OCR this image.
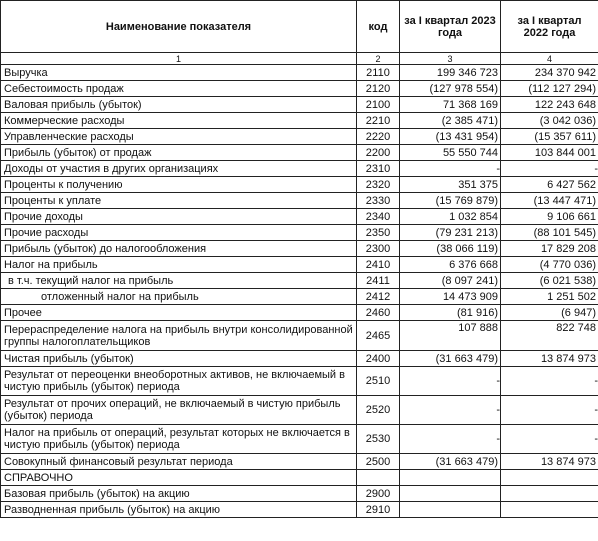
Наименование показателя	код	за I квартал 2023 года	за I квартал 2022 года
1	2	3	4
Выручка	2110	199 346 723	234 370 942
Себестоимость продаж	2120	(127 978 554)	(112 127 294)
Валовая прибыль (убыток)	2100	71 368 169	122 243 648
Коммерческие расходы	2210	(2 385 471)	(3 042 036)
Управленческие расходы	2220	(13 431 954)	(15 357 611)
Прибыль (убыток) от продаж	2200	55 550 744	103 844 001
Доходы от участия в других организациях	2310	-	-
Проценты к получению	2320	351 375	6 427 562
Проценты к уплате	2330	(15 769 879)	(13 447 471)
Прочие доходы	2340	1 032 854	9 106 661
Прочие расходы	2350	(79 231 213)	(88 101 545)
Прибыль (убыток) до налогообложения	2300	(38 066 119)	17 829 208
Налог на прибыль	2410	6 376 668	(4 770 036)
в т.ч. текущий налог на прибыль	2411	(8 097 241)	(6 021 538)
отложенный налог на прибыль	2412	14 473 909	1 251 502
Прочее	2460	(81 916)	(6 947)
Перераспределение налога на прибыль внутри консолидированной группы налогоплательщиков	2465	107 888	822 748
Чистая прибыль (убыток)	2400	(31 663 479)	13 874 973
Результат от переоценки внеоборотных активов, не включаемый в чистую прибыль (убыток) периода	2510	-	-
Результат от прочих операций, не включаемый в чистую прибыль (убыток) периода	2520	-	-
Налог на прибыль от операций, результат которых не включается в чистую прибыль (убыток) периода	2530	-	-
Совокупный финансовый результат периода	2500	(31 663 479)	13 874 973
СПРАВОЧНО			
Базовая прибыль (убыток) на акцию	2900		
Разводненная прибыль (убыток) на акцию	2910		
